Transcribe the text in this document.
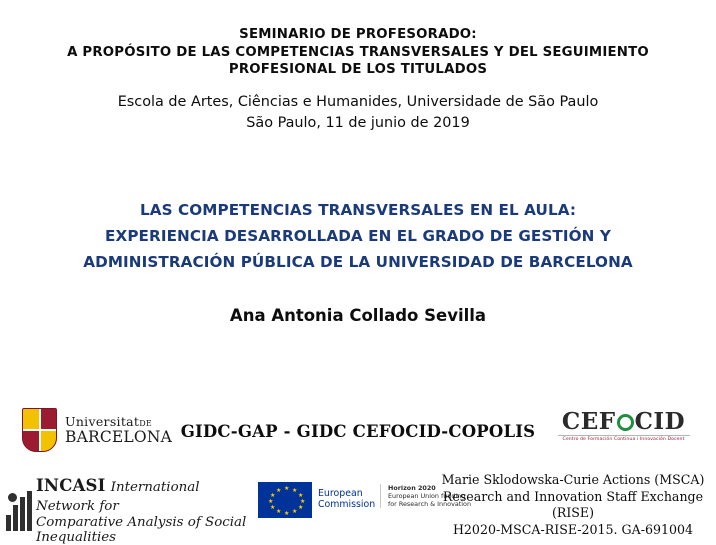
SEMINARIO DE PROFESORADO:
A PROPÓSITO DE LAS COMPETENCIAS TRANSVERSALES Y DEL SEGUIMIENTO
PROFESIONAL DE LOS TITULADOS
Escola de Artes, Ciências e Humanides, Universidade de São Paulo
São Paulo, 11 de junio de 2019
LAS COMPETENCIAS TRANSVERSALES EN EL AULA:
EXPERIENCIA DESARROLLADA EN EL GRADO DE GESTIÓN Y
ADMINISTRACIÓN PÚBLICA DE LA UNIVERSIDAD DE BARCELONA
Ana Antonia Collado Sevilla
UniversitatDE
BARCELONA GIDC-GAP - GIDC CEFOCID-COPOLIS	CEF CID
Centro de Formación Continua i Innovación Docent
INCASI International Network for
Comparative Analysis of Social Inequalities
★ ★
★
★
★
★
★
★
★
★
★
★	European
Commission
Horizon 2020
European Union funding
for Research & Innovation
Marie Sklodowska-Curie Actions (MSCA)
Research and Innovation Staff Exchange (RISE)
H2020-MSCA-RISE-2015. GA-691004
